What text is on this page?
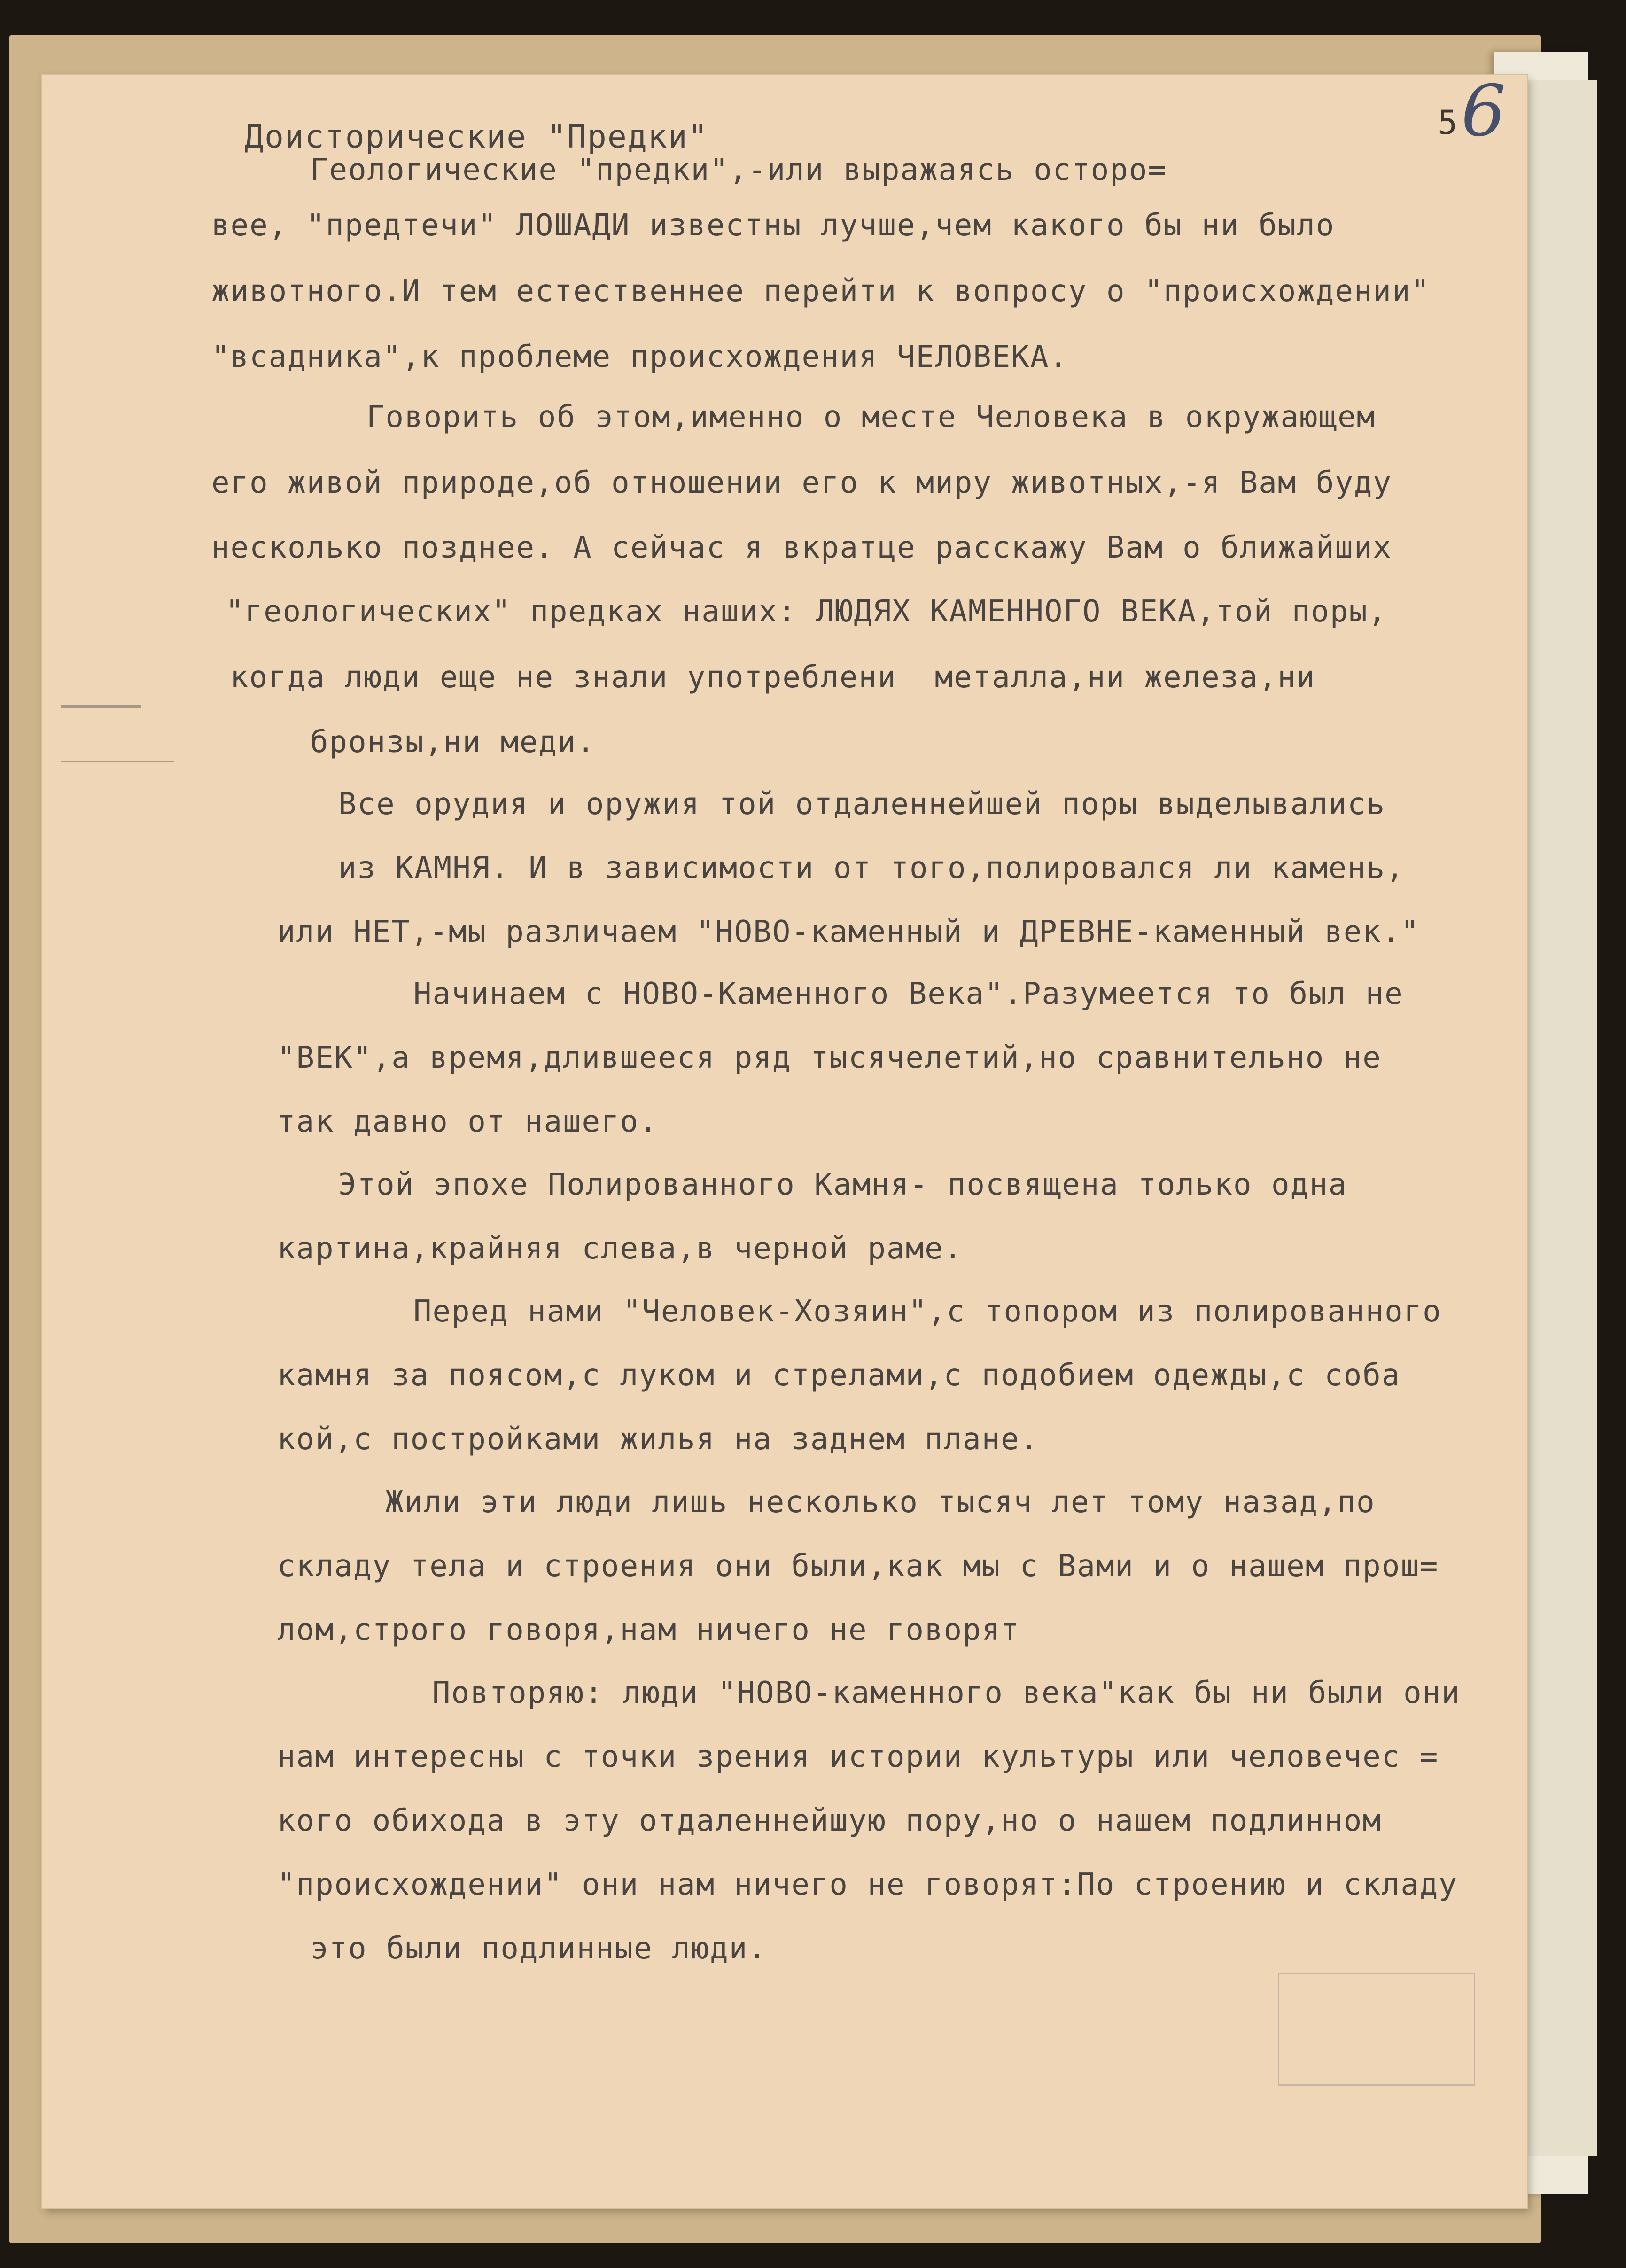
5 6
Доисторические "Предки"
Геологические "предки",-или выражаясь осторо=
вее, "предтечи" ЛОШАДИ известны лучше,чем какого бы ни было
животного.И тем естественнее перейти к вопросу о "происхождении"
"всадника",к проблеме происхождения ЧЕЛОВЕКА.
Говорить об этом,именно о месте Человека в окружающем
его живой природе,об отношении его к миру животных,-я Вам буду
несколько позднее. А сейчас я вкратце расскажу Вам о ближайших
"геологических" предках наших: ЛЮДЯХ КАМЕННОГО ВЕКА,той поры,
когда люди еще не знали употреблени  металла,ни железа,ни
бронзы,ни меди.
Все орудия и оружия той отдаленнейшей поры выделывались
из КАМНЯ. И в зависимости от того,полировался ли камень,
или НЕТ,-мы различаем "НОВО-каменный и ДРЕВНЕ-каменный век."
Начинаем с НОВО-Каменного Века".Разумеется то был не
"ВЕК",а время,длившееся ряд тысячелетий,но сравнительно не
так давно от нашего.
Этой эпохе Полированного Камня- посвящена только одна
картина,крайняя слева,в черной раме.
Перед нами "Человек-Хозяин",с топором из полированного
камня за поясом,с луком и стрелами,с подобием одежды,с соба
кой,с постройками жилья на заднем плане.
Жили эти люди лишь несколько тысяч лет тому назад,по
складу тела и строения они были,как мы с Вами и о нашем прош=
лом,строго говоря,нам ничего не говорят
Повторяю: люди "НОВО-каменного века"как бы ни были они
нам интересны с точки зрения истории культуры или человечес =
кого обихода в эту отдаленнейшую пору,но о нашем подлинном
"происхождении" они нам ничего не говорят:По строению и складу
это были подлинные люди.
